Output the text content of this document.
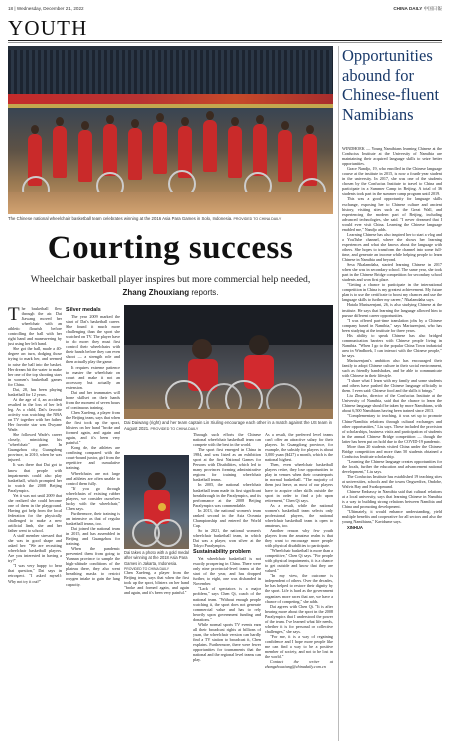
18 | Wednesday, December 21, 2022	CHINA DAILY 中国日報
YOUTH
The Chinese national wheelchair basketball team celebrates winning at the 2016 Asia Para Games in Solo, Indonesia. PROVIDED TO CHINA DAILY
Courting success
Wheelchair basketball player inspires but more commercial help needed,
Zhang Zhouxiang reports.

The basketball flew through the air. Dai Jiawang moved her wheelchair with an athletic flourish before controlling the ball with her right hand and maneuvering by just using her left hand.

She got the ball, made a 40-degree arc turn, dodging those trying to mark her, and seemed to raise the ball into the basket. Her dream hit the water to make her one of the top shooting stars in women's basketball games for China.

Dai, 28, has been playing basketball for 12 years.

At the age of 4, an accident resulted in the loss of her left leg. As a child, Dai's favorite activity was watching the NBA on TV together with her father. Her favorite star was Dwyane Wade.

She followed Wade's career closely, mimicking his "wheelchair" game. In Guangzhou city, Guangdong province, in 2010, when he was injured.

It was there that Dai got to know that people with impairments could also play basketball, which prompted her to watch the 2008 Beijing Paralympics.

Yet it was not until 2009 that she realized she could become one of them in the playground. Having got help from the local federation for the physically challenged to make a new artificial limb, she and her father went to school.

A staff member stressed that she was in good shape and asked her: "We are recruiting wheelchair basketball players. Are you interested in having a try?"

"I was very happy to hear that question," Dai says in retrospect. "I asked myself: Why not try it out?"

Silver medals

The year 2009 marked the start of Dai's basketball career. She found it much more challenging than the sport she watched on TV. The player have to do more: they must first control their wheelchairs with their hands before they can even shoot — a strength role and then actually play the game.

It requires extreme patience to master the wheelchair on court and make it not an accessory but actually an extension.

Dai and her teammates will hone skillset on their hands from the moment of seven hours of continuous training.

Chen Xuefeng, a player from the Beijing team, says that when the first took up the sport, blisters on her hand "broke and formed again, and again and again, and it's been very painful."

Kong de, the athletes are confining compared with the court-bound junior, girl from the repetitive and cumulative training.

Wheelchairs are not large and athletes are often unable to control them fully.

"If you go through wheelchairs of existing rubber players, we consider ourselves lucky with the wheelchair," Chen says.

Furthermore, their training is an intensive as that of regular basketball teams, too.

Dai joined the national team in 2015, and has assembled in Beijing and Guangzhou for training.

When the pandemic prevented them from going to Yunnan province to sample the high-altitude conditions of the plateau there, they also went breathing masks to restrict oxygen intake to gain the lung capacity.

Dai Daiwang (right) and her team captain Lin Xiuling encourage each other in a match against the US team in August 2021. PROVIDED TO CHINA DAILY
Dai takes a photo with a gold medal after winning at the 2018 Asia Para Games in Jakarta, Indonesia. PROVIDED TO CHINA DAILY

Through such efforts the Chinese national wheelchair basketball team can compete with the best in the world.

The sport first emerged in China in 1984, and was listed as an exhibition sport at the first National Games for Persons with Disabilities, which led to many provinces forming administrative regions for training wheelchair basketball teams.

In 2005, the national wheelchair basketball team made its first significant breakthrough in the Paralympics, and its performance at the 2008 Beijing Paralympics was commendable.

In 2013, the national women's team ranked second in the Asia Oceania Championship and entered the World Cup.

So in 2021, the national women's wheelchair basketball team, in which Dai was a player, won silver at the Tokyo Paralympics.

Sustainability problem

Yet wheelchair basketball is not exactly prospering in China. There were only nine provincial-level teams at the start of the year, and has dropped further, to eight, one was disbanded in November.

"Lack of spectators is a major problem," says Chen Qi, coach of the national team. "Without enough people watching it, the sport does not generate commercial value and has to rely heavily upon government funding and donations."

While normal sports TV events earn all their broadcast rights at billions of yuan, the wheelchair version can hardly find a TV station to broadcast it, Chen explains. Furthermore, there were fewer opportunities for tournaments that the national and the regional level teams can play.

Chen Xuefeng, a player from the Beijing team, says that when the first took up the sport, blisters on her hand "broke and formed again, and again and again, and it's been very painful."

As a result, the preferred level teams can't offer an attractive salary for their players. In Guangdong province, for example, the subsidy for players is about 3,000 yuan ($427) a month, which is the national highest.

Then, even wheelchair basketball players retire, they lose opportunities to play in venues when their counterparts in normal basketball. "The majority of them just leave, as most of our players have to acquire other skills outside the sport in order to find a job upon retirement," Chen Qi says.

As a result, while the national women's basketball team selects only professional players, the national wheelchair basketball team is open to amateurs, too.

Another reason why few youth players from the amateur realm is that they want to encourage more people with physical disabilities to participate.

"Wheelchair basketball is more than a competitive," Chen Qi says. "For people with physical impairments, it is a chance to get outside and know that they are valued."

"In my view, the outcome is independent of others. Over the decades, he has helped to restore their dignity by the sport. Life is hard as the government organizes more races that are, we have a chance of competing," she adds.

Dai agrees with Chen Qi. "It is after hearing more about the sport in the 2008 Paralympics that I understood the power of the team. I've learned what life needs, whether it is for personal or collective challenges," she says.

"For me, it is a way of regaining confidence and I hope more people like me can find a way to be a positive member of society, and not to be lost in the world."

Contact the writer at zhangzhouxiang@chinadaily.com.cn

Opportunities abound for Chinese-fluent Namibians

WINDHOEK — Young Namibians learning Chinese at the Confucius Institute at the University of Namibia are maintaining their acquired language skills to seize better opportunities.

Grace Nandjo, 19, who enrolled in the Chinese language course at the institute in 2015, is now a fourth-year student in the university. In 2017, she was one of the students chosen by the Confucius Institute to travel to China and participate in a Summer Camp in Beijing. A total of 36 students took part in the summer camp program until 2019.

This was a good opportunity for language skills exchange, exposing her to Chinese culture and ancient history, visiting sites such as the Great Wall, and experiencing the modern part of Beijing, including advanced technologies, she said. "I never dreamed that I would ever visit China. Learning the Chinese language enabled me," Nandjo adds.

Learning Chinese has also inspired her to start a vlog and a YouTube channel, where she shows her learning experiences and what she knows about the language with others. She hopes to transform the channel into some full-time, and generate an income while helping people to learn Chinese in Namibia and beyond.

Sesa Nkalamdaha, started learning Chinese in 2017 when she was in secondary school. The same year, she took part in the Chinese Bridge competition for secondary school students and won first place.

"Getting a chance to participate in the international competition in China is my greatest achievement. My future plan is to use the certificate to boost my chances and use the language skills to further my career," Nkalamdaha says.

Hatala Mariuzenjani, 26, is also studying Chinese at the institute. He says that learning the language allowed him to pursue different career opportunities.

"I was offered part-time translation jobs by a Chinese company based in Namibia," says Mariuzenjani, who has been studying at the institute for three years.

His ability to speak Chinese has also bridged communication barriers with Chinese people living in Namibia. "When I go to the popular China Town industrial area in Windhoek, I can interact with the Chinese people," he says.

Mariuzenjani's ambition also has encouraged their family to adopt Chinese culture in their social environment, such as friendly handshakes, and be able to communicate with Chinese in their lifestyle.

"I share what I learn with my family and some students and others have pushed the Chinese language officially to them. I even said: Chinese food and the skills it brings."

Liu Zhurbo, director of the Confucius Institute at the University of Namibia, said that the chance to learn the Chinese language should be taken by more Namibians, with about 6,500 Namibians having been trained since 2013.

"Complementary to teaching, it was set up to promote China-Namibia relations through cultural exchanges and other opportunities," Liu says. These included the provision of scholarships, business visits and participation of students in the annual Chinese Bridge competition — though the latter has been put on hold due to the COVID-19 pandemic.

More than 20 students visited China under the Chinese Bridge competition and more than 50 students obtained a Confucius Institute scholarship.

"Learning the Chinese language creates opportunities for the locals, further the education and advancement national development," Liu says.

The Confucius Institute has established 19 teaching sites at universities, schools and the towns Ongwediva, Ondobe, Walvis Bay and Swakopmund.

Chinese Embassy in Namibia said that cultural relations at a local university, says that learning Chinese in Namibia is a way to building strong relations between Namibia and China and promoting development.

"Ultimately, it would enhance understanding, yield multiple benefits and cooperative for all sectors and also the young Namibians," Kavidume says.

XINHUA
